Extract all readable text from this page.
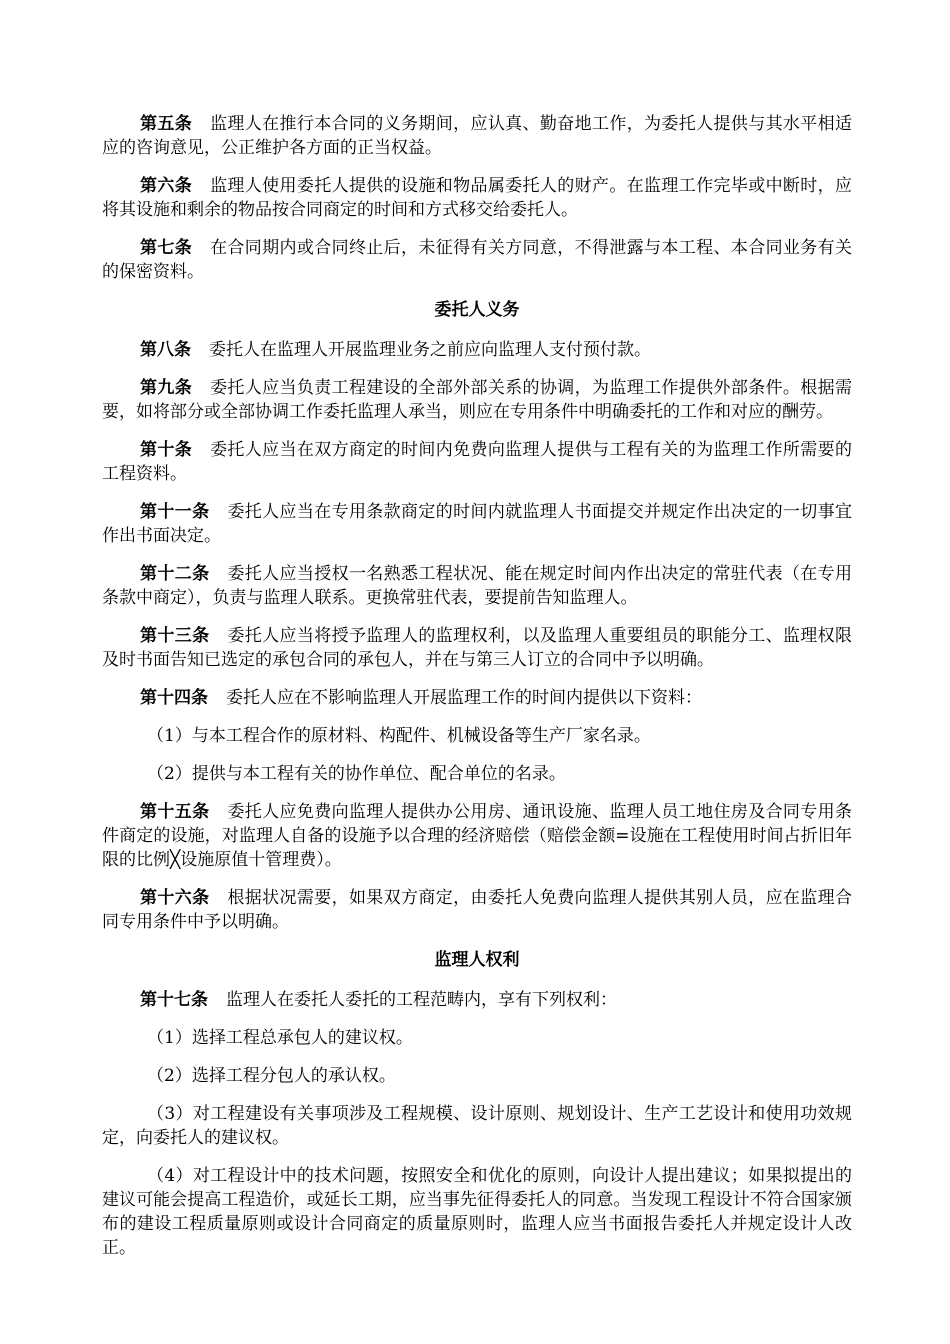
第五条 监理人在推行本合同的义务期间，应认真、勤奋地工作，为委托人提供与其水平相适应的咨询意见，公正维护各方面的正当权益。

第六条 监理人使用委托人提供的设施和物品属委托人的财产。在监理工作完毕或中断时，应将其设施和剩余的物品按合同商定的时间和方式移交给委托人。

第七条 在合同期内或合同终止后，未征得有关方同意，不得泄露与本工程、本合同业务有关的保密资料。

委托人义务

第八条 委托人在监理人开展监理业务之前应向监理人支付预付款。

第九条 委托人应当负责工程建设的全部外部关系的协调，为监理工作提供外部条件。根据需要，如将部分或全部协调工作委托监理人承当，则应在专用条件中明确委托的工作和对应的酬劳。

第十条 委托人应当在双方商定的时间内免费向监理人提供与工程有关的为监理工作所需要的工程资料。

第十一条 委托人应当在专用条款商定的时间内就监理人书面提交并规定作出决定的一切事宜作出书面决定。

第十二条 委托人应当授权一名熟悉工程状况、能在规定时间内作出决定的常驻代表（在专用条款中商定），负责与监理人联系。更换常驻代表，要提前告知监理人。

第十三条 委托人应当将授予监理人的监理权利，以及监理人重要组员的职能分工、监理权限及时书面告知已选定的承包合同的承包人，并在与第三人订立的合同中予以明确。

第十四条 委托人应在不影响监理人开展监理工作的时间内提供以下资料：

（1）与本工程合作的原材料、构配件、机械设备等生产厂家名录。

（2）提供与本工程有关的协作单位、配合单位的名录。

第十五条 委托人应免费向监理人提供办公用房、通讯设施、监理人员工地住房及合同专用条件商定的设施，对监理人自备的设施予以合理的经济赔偿（赔偿金额=设施在工程使用时间占折旧年限的比例╳设施原值十管理费）。

第十六条 根据状况需要，如果双方商定，由委托人免费向监理人提供其别人员，应在监理合同专用条件中予以明确。

监理人权利

第十七条 监理人在委托人委托的工程范畴内，享有下列权利：

（1）选择工程总承包人的建议权。

（2）选择工程分包人的承认权。

（3）对工程建设有关事项涉及工程规模、设计原则、规划设计、生产工艺设计和使用功效规定，向委托人的建议权。

（4）对工程设计中的技术问题，按照安全和优化的原则，向设计人提出建议；如果拟提出的建议可能会提高工程造价，或延长工期，应当事先征得委托人的同意。当发现工程设计不符合国家颁布的建设工程质量原则或设计合同商定的质量原则时，监理人应当书面报告委托人并规定设计人改正。
